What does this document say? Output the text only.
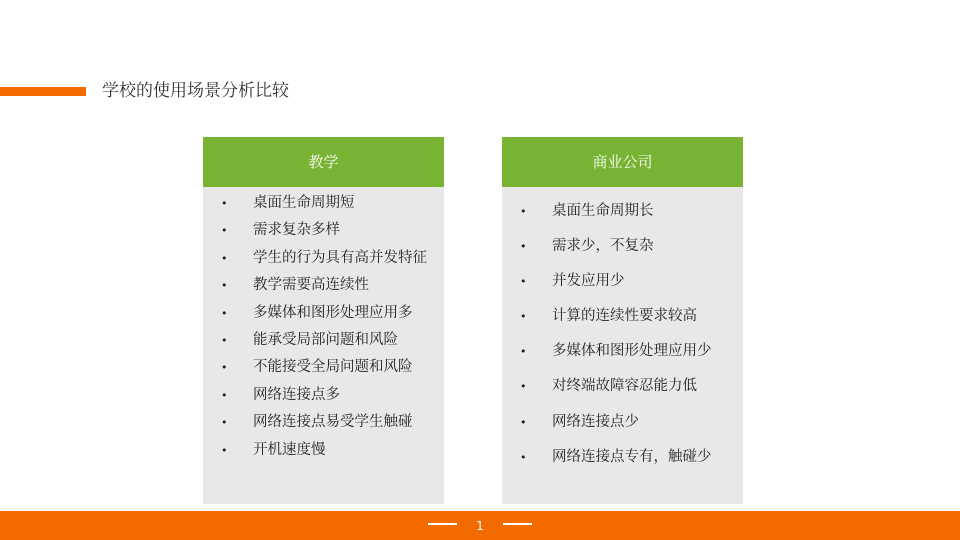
学校的使用场景分析比较
教学
• 桌面生命周期短
• 需求复杂多样
• 学生的行为具有高并发特征
• 教学需要高连续性
• 多媒体和图形处理应用多
• 能承受局部问题和风险
• 不能接受全局问题和风险
• 网络连接点多
• 网络连接点易受学生触碰
• 开机速度慢
商业公司
• 桌面生命周期长
• 需求少，不复杂
• 并发应用少
• 计算的连续性要求较高
• 多媒体和图形处理应用少
• 对终端故障容忍能力低
• 网络连接点少
• 网络连接点专有，触碰少
1
